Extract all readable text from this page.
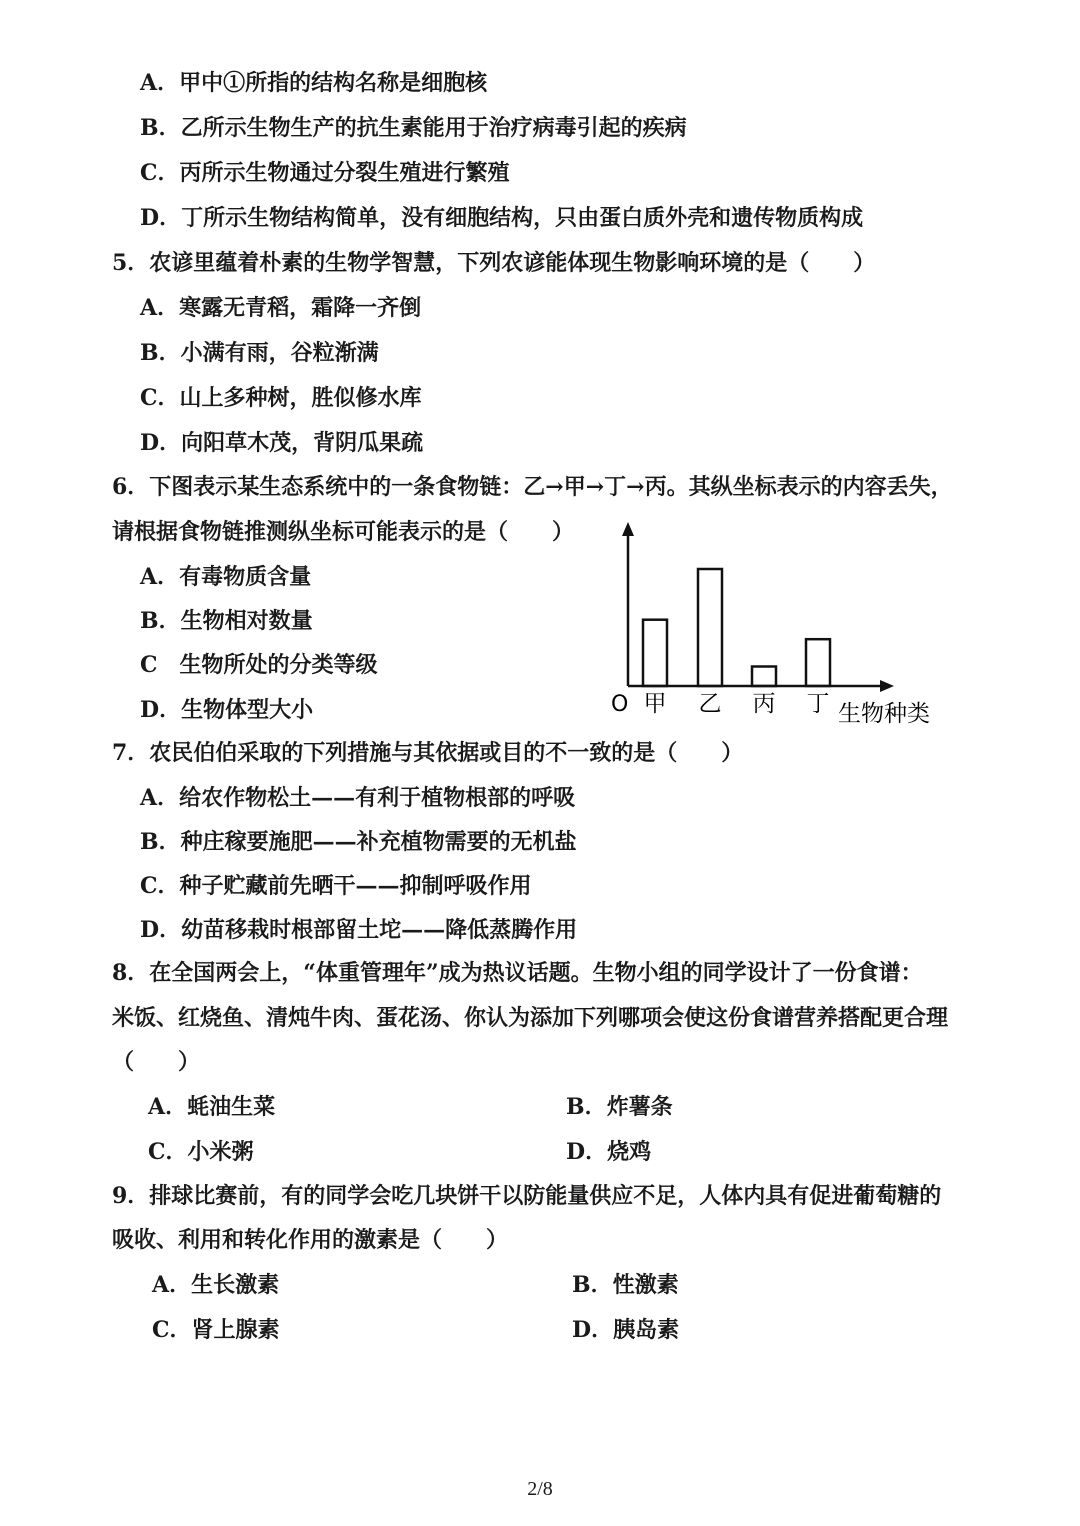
A．甲中①所指的结构名称是细胞核
B．乙所示生物生产的抗生素能用于治疗病毒引起的疾病
C．丙所示生物通过分裂生殖进行繁殖
D．丁所示生物结构简单，没有细胞结构，只由蛋白质外壳和遗传物质构成
5．农谚里蕴着朴素的生物学智慧，下列农谚能体现生物影响环境的是（　　）
A．寒露无青稻，霜降一齐倒
B．小满有雨，谷粒渐满
C．山上多种树，胜似修水库
D．向阳草木茂，背阴瓜果疏
6．下图表示某生态系统中的一条食物链：乙→甲→丁→丙。其纵坐标表示的内容丢失，
请根据食物链推测纵坐标可能表示的是（　　）
A．有毒物质含量
B．生物相对数量
C　生物所处的分类等级
D．生物体型大小	O	生物种类
甲 乙 丙 丁
7．农民伯伯采取的下列措施与其依据或目的不一致的是（　　）
A．给农作物松土——有利于植物根部的呼吸
B．种庄稼要施肥——补充植物需要的无机盐
C．种子贮藏前先晒干——抑制呼吸作用
D．幼苗移栽时根部留土坨——降低蒸腾作用
8．在全国两会上，“体重管理年”成为热议话题。生物小组的同学设计了一份食谱：
米饭、红烧鱼、清炖牛肉、蛋花汤、你认为添加下列哪项会使这份食谱营养搭配更合理
（　　）
A．蚝油生菜	B．炸薯条
C．小米粥	D．烧鸡
9．排球比赛前，有的同学会吃几块饼干以防能量供应不足，人体内具有促进葡萄糖的
吸收、利用和转化作用的激素是（　　）
A．生长激素	B．性激素
C．肾上腺素	D．胰岛素
2/8
